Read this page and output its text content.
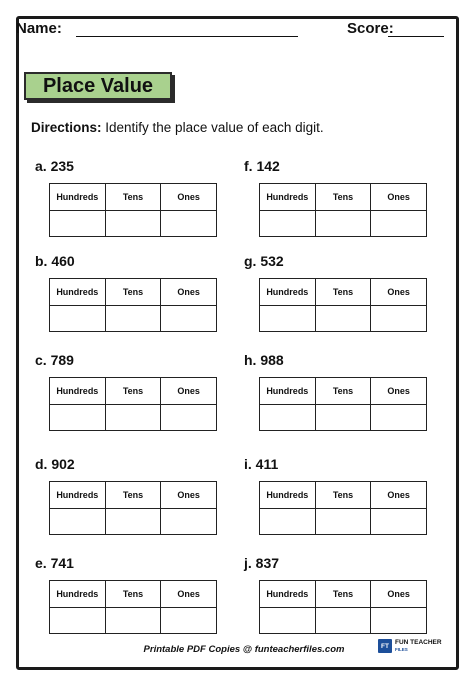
Name:	Score:
Place Value
Directions: Identify the place value of each digit.
a. 235
Hundreds	Tens	Ones

f. 142
Hundreds	Tens	Ones

b. 460
Hundreds	Tens	Ones

g. 532
Hundreds	Tens	Ones

c. 789
Hundreds	Tens	Ones

h. 988
Hundreds	Tens	Ones

d. 902
Hundreds	Tens	Ones

i. 411
Hundreds	Tens	Ones

e. 741
Hundreds	Tens	Ones

j. 837
Hundreds	Tens	Ones

Printable PDF Copies @ funteacherfiles.com	FT FUN TEACHER
FILES
